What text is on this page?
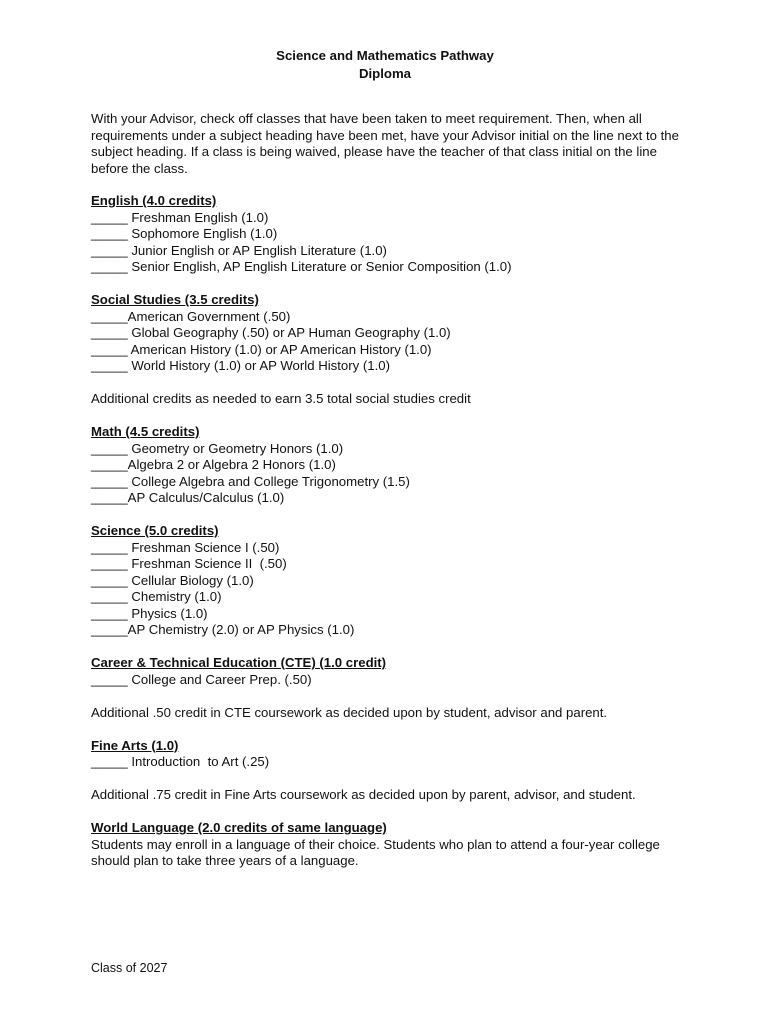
Science and Mathematics Pathway
Diploma
With your Advisor, check off classes that have been taken to meet requirement. Then, when all requirements under a subject heading have been met, have your Advisor initial on the line next to the subject heading. If a class is being waived, please have the teacher of that class initial on the line before the class.
English (4.0 credits)
_____ Freshman English (1.0)
_____ Sophomore English (1.0)
_____ Junior English or AP English Literature (1.0)
_____ Senior English, AP English Literature or Senior Composition (1.0)
Social Studies (3.5 credits)
_____American Government (.50)
_____ Global Geography (.50) or AP Human Geography (1.0)
_____ American History (1.0) or AP American History (1.0)
_____ World History (1.0) or AP World History (1.0)
Additional credits as needed to earn 3.5 total social studies credit
Math (4.5 credits)
_____ Geometry or Geometry Honors (1.0)
_____Algebra 2 or Algebra 2 Honors (1.0)
_____ College Algebra and College Trigonometry (1.5)
_____AP Calculus/Calculus (1.0)
Science (5.0 credits)
_____ Freshman Science I (.50)
_____ Freshman Science II  (.50)
_____ Cellular Biology (1.0)
_____ Chemistry (1.0)
_____ Physics (1.0)
_____AP Chemistry (2.0) or AP Physics (1.0)
Career & Technical Education (CTE) (1.0 credit)
_____ College and Career Prep. (.50)
Additional .50 credit in CTE coursework as decided upon by student, advisor and parent.
Fine Arts (1.0)
_____ Introduction  to Art (.25)
Additional .75 credit in Fine Arts coursework as decided upon by parent, advisor, and student.
World Language (2.0 credits of same language)
Students may enroll in a language of their choice. Students who plan to attend a four-year college should plan to take three years of a language.
Class of 2027
